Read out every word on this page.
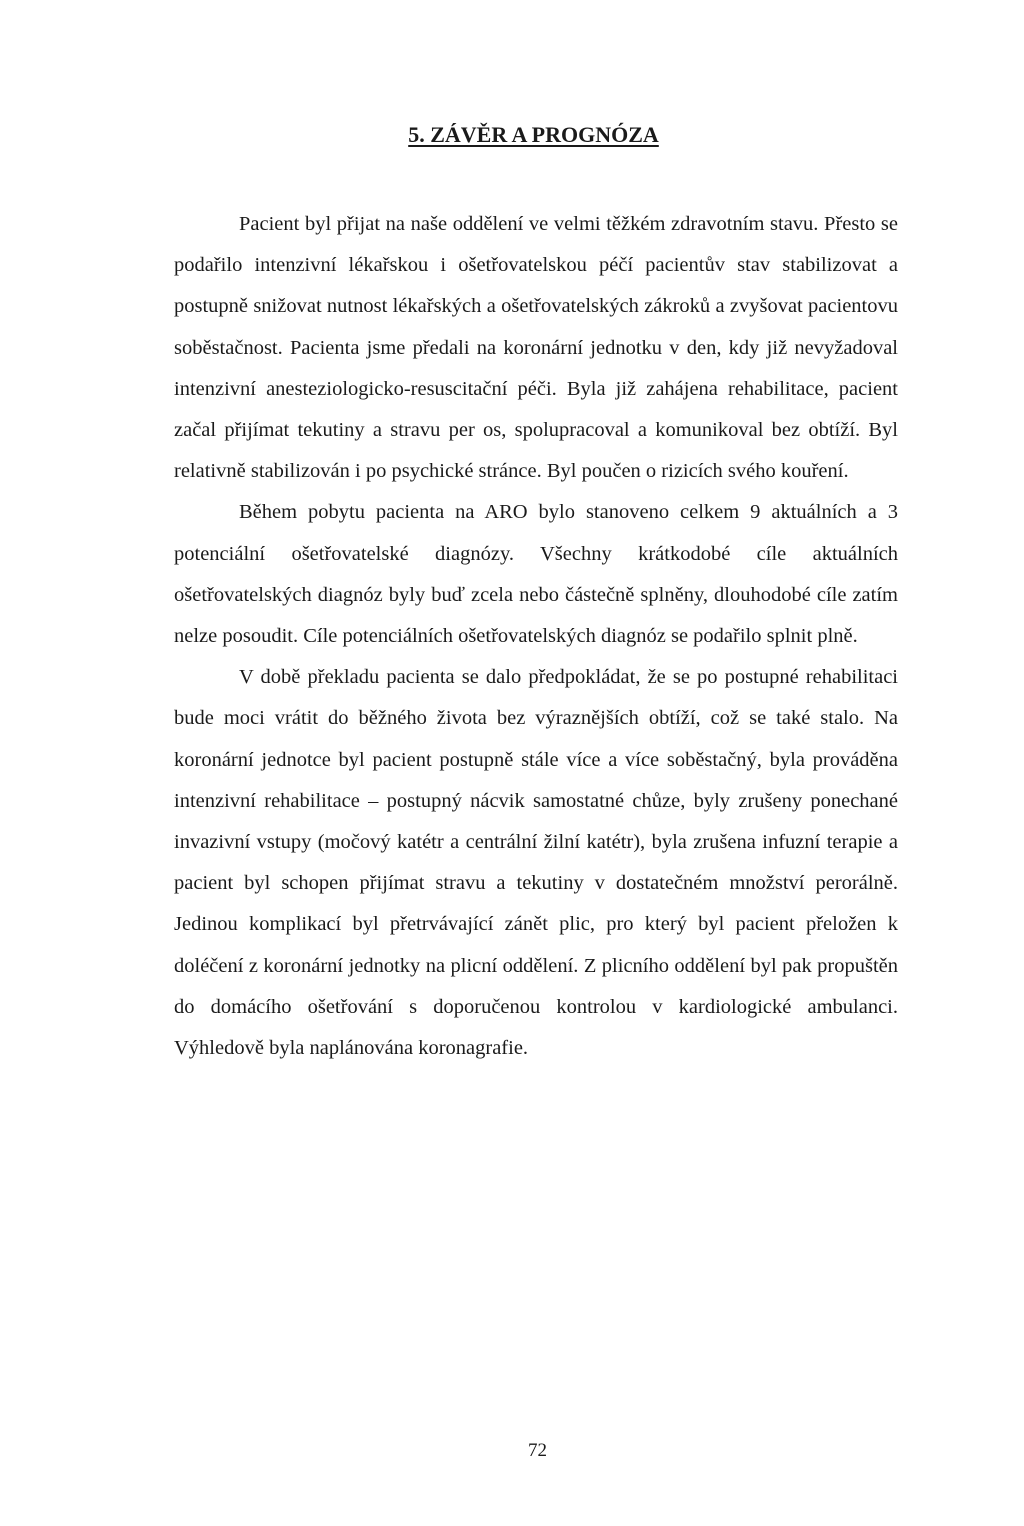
5. ZÁVĚR A PROGNÓZA

Pacient byl přijat na naše oddělení ve velmi těžkém zdravotním stavu. Přesto se podařilo intenzivní lékařskou i ošetřovatelskou péčí pacientův stav stabilizovat a postupně snižovat nutnost lékařských a ošetřovatelských zákroků a zvyšovat pacientovu soběstačnost. Pacienta jsme předali na koronární jednotku v den, kdy již nevyžadoval intenzivní anesteziologicko-resuscitační péči. Byla již zahájena rehabilitace, pacient začal přijímat tekutiny a stravu per os, spolupracoval a komunikoval bez obtíží. Byl relativně stabilizován i po psychické stránce. Byl poučen o rizicích svého kouření.

Během pobytu pacienta na ARO bylo stanoveno celkem 9 aktuálních a 3 potenciální ošetřovatelské diagnózy. Všechny krátkodobé cíle aktuálních ošetřovatelských diagnóz byly buď zcela nebo částečně splněny, dlouhodobé cíle zatím nelze posoudit. Cíle potenciálních ošetřovatelských diagnóz se podařilo splnit plně.

V době překladu pacienta se dalo předpokládat, že se po postupné rehabilitaci bude moci vrátit do běžného života bez výraznějších obtíží, což se také stalo. Na koronární jednotce byl pacient postupně stále více a více soběstačný, byla prováděna intenzivní rehabilitace – postupný nácvik samostatné chůze, byly zrušeny ponechané invazivní vstupy (močový katétr a centrální žilní katétr), byla zrušena infuzní terapie a pacient byl schopen přijímat stravu a tekutiny v dostatečném množství perorálně. Jedinou komplikací byl přetrvávající zánět plic, pro který byl pacient přeložen k doléčení z koronární jednotky na plicní oddělení. Z plicního oddělení byl pak propuštěn do domácího ošetřování s doporučenou kontrolou v kardiologické ambulanci. Výhledově byla naplánována koronagrafie.

72
